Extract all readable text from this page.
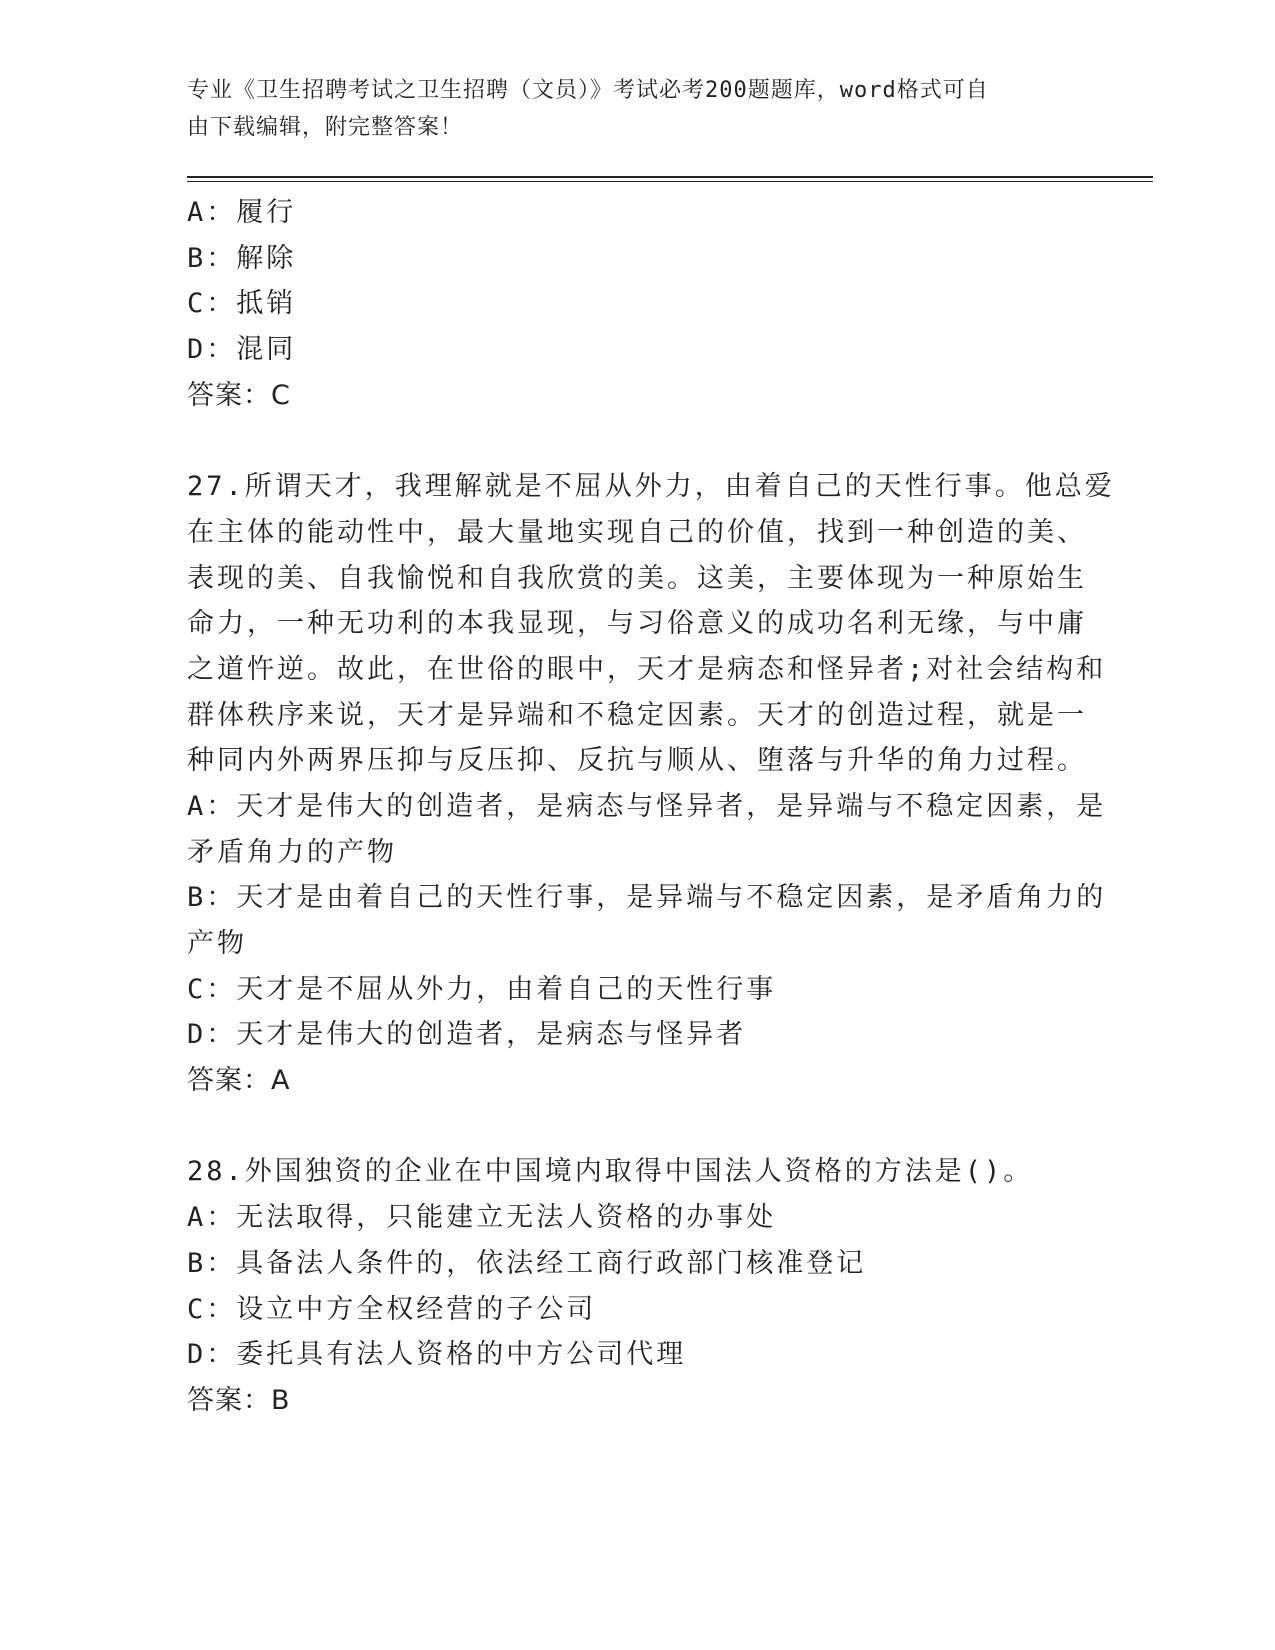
专业《卫生招聘考试之卫生招聘（文员）》考试必考200题题库，word格式可自
由下载编辑，附完整答案！
A：履行
B：解除
C：抵销
D：混同
答案：C
27.所谓天才，我理解就是不屈从外力，由着自己的天性行事。他总爱
在主体的能动性中，最大量地实现自己的价值，找到一种创造的美、
表现的美、自我愉悦和自我欣赏的美。这美，主要体现为一种原始生
命力，一种无功利的本我显现，与习俗意义的成功名利无缘，与中庸
之道忤逆。故此，在世俗的眼中，天才是病态和怪异者;对社会结构和
群体秩序来说，天才是异端和不稳定因素。天才的创造过程，就是一
种同内外两界压抑与反压抑、反抗与顺从、堕落与升华的角力过程。
A：天才是伟大的创造者，是病态与怪异者，是异端与不稳定因素，是
矛盾角力的产物
B：天才是由着自己的天性行事，是异端与不稳定因素，是矛盾角力的
产物
C：天才是不屈从外力，由着自己的天性行事
D：天才是伟大的创造者，是病态与怪异者
答案：A
28.外国独资的企业在中国境内取得中国法人资格的方法是()。
A：无法取得，只能建立无法人资格的办事处
B：具备法人条件的，依法经工商行政部门核准登记
C：设立中方全权经营的子公司
D：委托具有法人资格的中方公司代理
答案：B
